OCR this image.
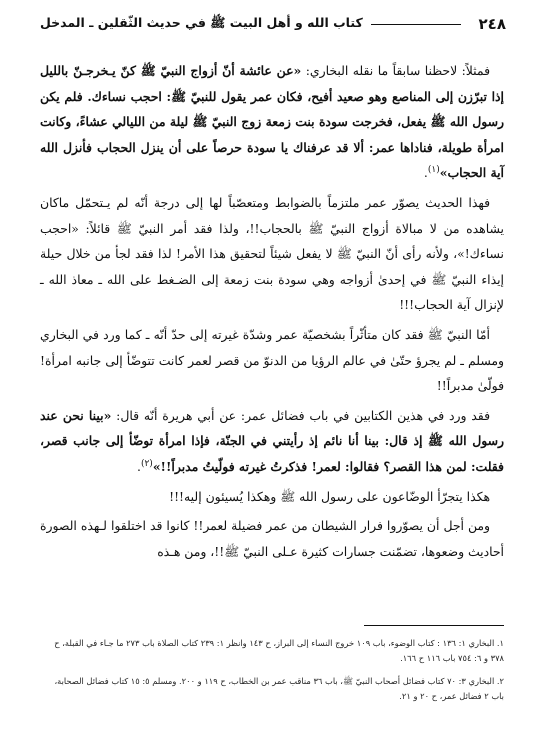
٢٤٨
كتاب الله و أهل البيت ﷺ في حديث الثّقلين ـ المدخل

فمثلاً: لاحظنا سابقاً ما نقله البخاري: «عن عائشة أنّ أزواج النبيّ ﷺ كنّ يـخرجـنّ بالليل إذا تبرّزن إلى المناصع وهو صعيد أفيح، فكان عمر يقول للنبيّ ﷺ: احجب نساءك. فلم يكن رسول الله ﷺ يفعل، فخرجت سودة بنت زمعة زوج النبيّ ﷺ ليلة من الليالي عشاءً، وكانت امرأة طويلة، فناداها عمر: ألا قد عرفناك يا سودة حرصاً على أن ينزل الحجاب فأنزل الله آية الحجاب»$^{(١)}$.

فهذا الحديث يصوّر عمر ملتزماً بالضوابط ومتعصّباً لها إلى درجة أنّه لم يـتحمّل ماكان يشاهده من لا مبالاة أزواج النبيّ ﷺ بالحجاب!!، ولذا فقد أمر النبيّ ﷺ قائلاً: «احجب نساءك!»، ولأنه رأى أنّ النبيّ ﷺ لا يفعل شيئاً لتحقيق هذا الأمر! لذا فقد لجأ من خلال حيلة إيذاء النبيّ ﷺ في إحدىٰ أزواجه وهي سودة بنت زمعة إلى الضـغط على الله ـ معاذ الله ـ لإنزال آية الحجاب!!!

أمّا النبيّ ﷺ فقد كان متأثّراً بشخصيّة عمر وشدّة غيرته إلى حدّ أنّه ـ كما ورد في البخاري ومسلم ـ لم يجرؤ حتّىٰ في عالم الرؤيا من الدنوّ من قصر لعمر كانت تتوضّأ إلى جانبه امرأة! فولّىٰ مدبراً!!

فقد ورد في هذين الكتابين في باب فضائل عمر: عن أبي هريرة أنّه قال: «بينا نحن عند رسول الله ﷺ إذ قال: بينا أنا نائم إذ رأيتني في الجنّة، فإذا امرأة توضّأ إلى جانب قصر، فقلت: لمن هذا القصر؟ فقالوا: لعمر! فذكرتُ غيرته فولّيتُ مدبراً!!»$^{(٢)}$.

هكذا يتجرّأ الوضّاعون على رسول الله ﷺ وهكذا يُسيئون إليه!!!

ومن أجل أن يصوّروا فرار الشيطان من عمر فضيلة لعمر!! كانوا قد اختلقوا لـهذه الصورة أحاديث وضعوها، تضمّنت جسارات كثيرة عـلى النبيّ ﷺ!!، ومن هـذه

١. البخاري ١: ١٣٦ : كتاب الوضوء، باب ١٠٩ خروج النساء إلى البراز، ح ١٤٣ وانظر ١: ٢٣٩ كتاب الصلاة باب ٢٧٣ ما جـاء في القبلة، ح ٣٧٨ و ٦: ٧٥٤ باب ١١٦ ح ١٦٦.

٢. البخاري ٣: ٧٠ كتاب فضائل أصحاب النبيّ ﷺ، باب ٣٦ مناقب عمر بن الخطاب، ح ١١٩ و ٢٠٠. ومسلم ٥: ١٥ كتاب فضائل الصحابة، باب ٢ فضائل عمر، ح ٢٠ و ٢١.
